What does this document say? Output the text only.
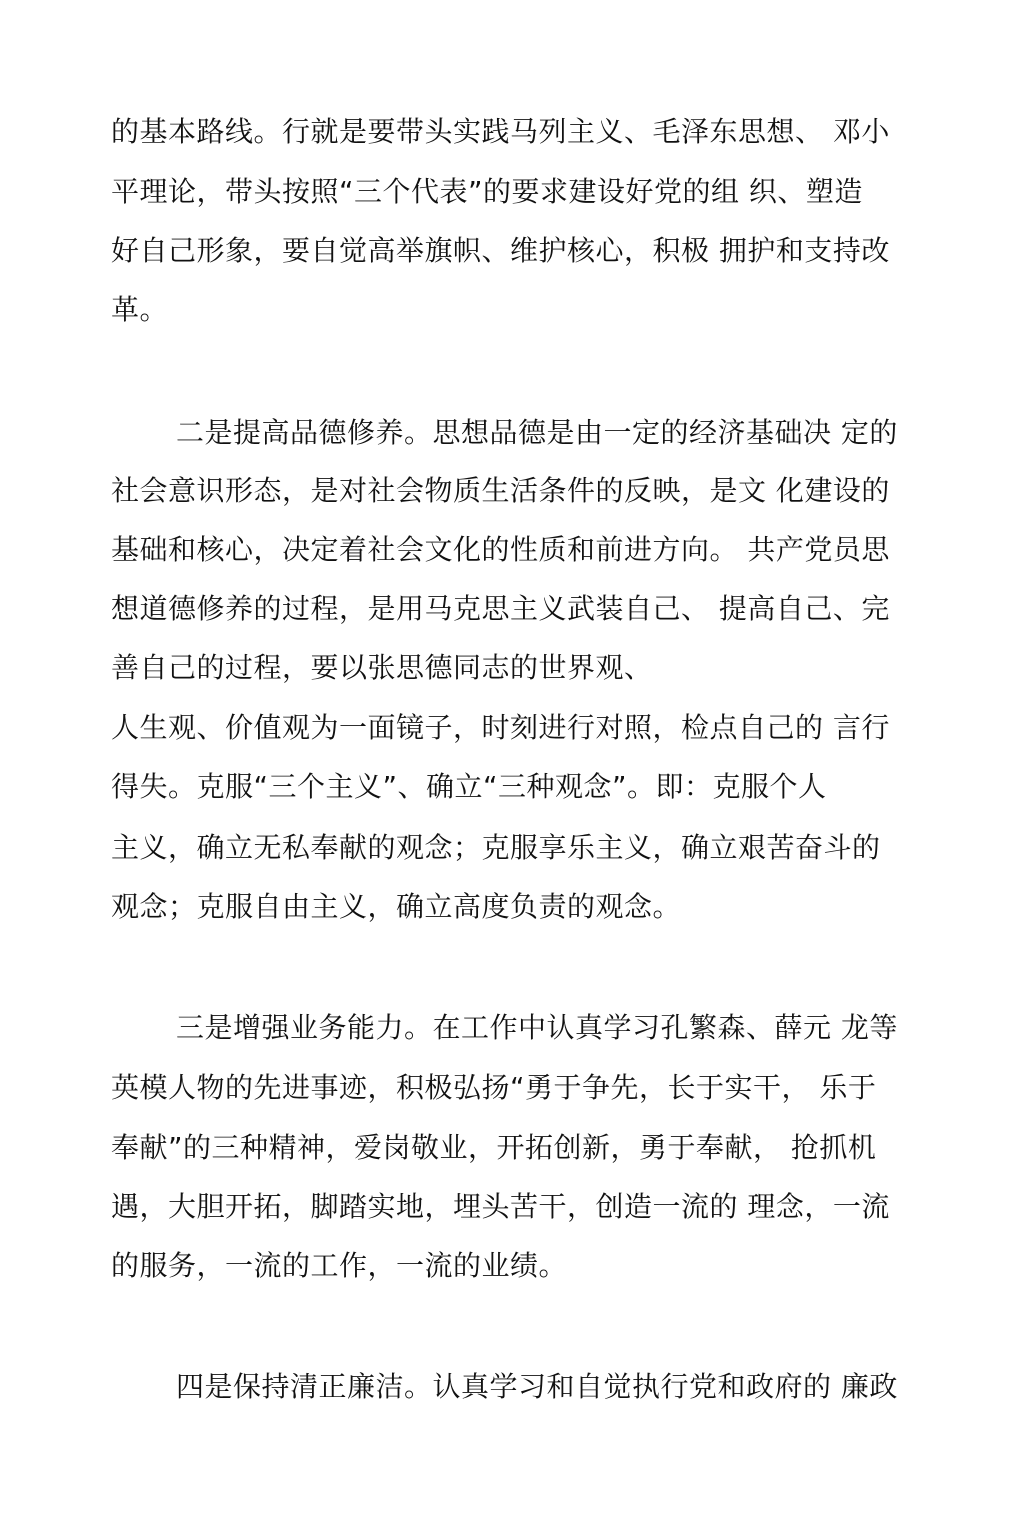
的基本路线。行就是要带头实践马列主义、毛泽东思想、 邓小
平理论，带头按照“三个代表”的要求建设好党的组 织、塑造
好自己形象，要自觉高举旗帜、维护核心，积极 拥护和支持改
革。
二是提高品德修养。思想品德是由一定的经济基础决 定的
社会意识形态，是对社会物质生活条件的反映，是文 化建设的
基础和核心，决定着社会文化的性质和前进方向。 共产党员思
想道德修养的过程，是用马克思主义武装自己、 提高自己、完
善自己的过程，要以张思德同志的世界观、
人生观、价值观为一面镜子，时刻进行对照，检点自己的 言行
得失。克服“三个主义”、确立“三种观念”。即：克服个人
主义，确立无私奉献的观念；克服享乐主义，确立艰苦奋斗的
观念；克服自由主义，确立高度负责的观念。
三是增强业务能力。在工作中认真学习孔繁森、薛元 龙等
英模人物的先进事迹，积极弘扬“勇于争先，长于实干， 乐于
奉献”的三种精神，爱岗敬业，开拓创新，勇于奉献， 抢抓机
遇，大胆开拓，脚踏实地，埋头苦干，创造一流的 理念，一流
的服务，一流的工作，一流的业绩。
四是保持清正廉洁。认真学习和自觉执行党和政府的 廉政
